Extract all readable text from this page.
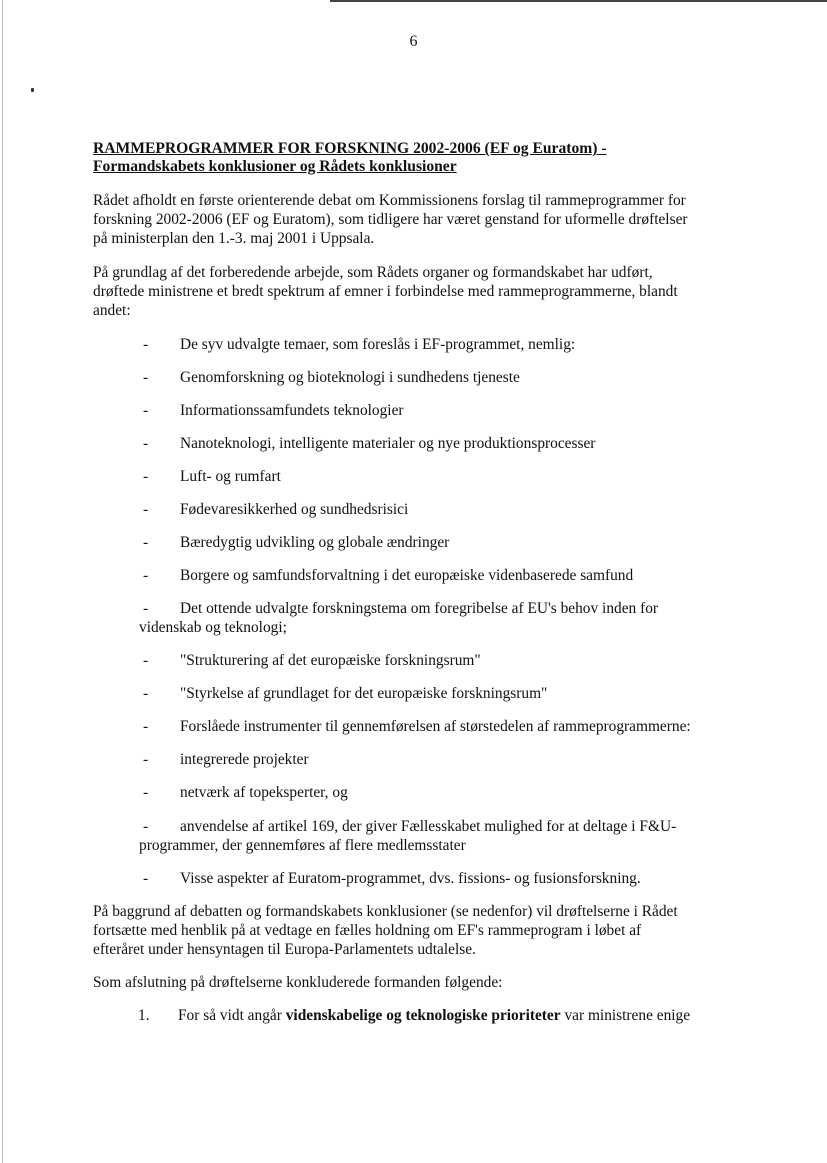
6
RAMMEPROGRAMMER FOR FORSKNING 2002-2006 (EF og Euratom) -
Formandskabets konklusioner og Rådets konklusioner

Rådet afholdt en første orienterende debat om Kommissionens forslag til rammeprogrammer for
forskning 2002-2006 (EF og Euratom), som tidligere har været genstand for uformelle drøftelser
på ministerplan den 1.-3. maj 2001 i Uppsala.

På grundlag af det forberedende arbejde, som Rådets organer og formandskabet har udført,
drøftede ministrene et bredt spektrum af emner i forbindelse med rammeprogrammerne, blandt
andet:

- De syv udvalgte temaer, som foreslås i EF-programmet, nemlig:
- Genomforskning og bioteknologi i sundhedens tjeneste
- Informationssamfundets teknologier
- Nanoteknologi, intelligente materialer og nye produktionsprocesser
- Luft- og rumfart
- Fødevaresikkerhed og sundhedsrisici
- Bæredygtig udvikling og globale ændringer
- Borgere og samfundsforvaltning i det europæiske videnbaserede samfund
- Det ottende udvalgte forskningstema om foregribelse af EU's behov inden for
videnskab og teknologi;
- "Strukturering af det europæiske forskningsrum"
- "Styrkelse af grundlaget for det europæiske forskningsrum"
- Forslåede instrumenter til gennemførelsen af størstedelen af rammeprogrammerne:
- integrerede projekter
- netværk af topeksperter, og
- anvendelse af artikel 169, der giver Fællesskabet mulighed for at deltage i F&U-
programmer, der gennemføres af flere medlemsstater
- Visse aspekter af Euratom-programmet, dvs. fissions- og fusionsforskning.

På baggrund af debatten og formandskabets konklusioner (se nedenfor) vil drøftelserne i Rådet
fortsætte med henblik på at vedtage en fælles holdning om EF's rammeprogram i løbet af
efteråret under hensyntagen til Europa-Parlamentets udtalelse.

Som afslutning på drøftelserne konkluderede formanden følgende:

1. For så vidt angår videnskabelige og teknologiske prioriteter var ministrene enige
